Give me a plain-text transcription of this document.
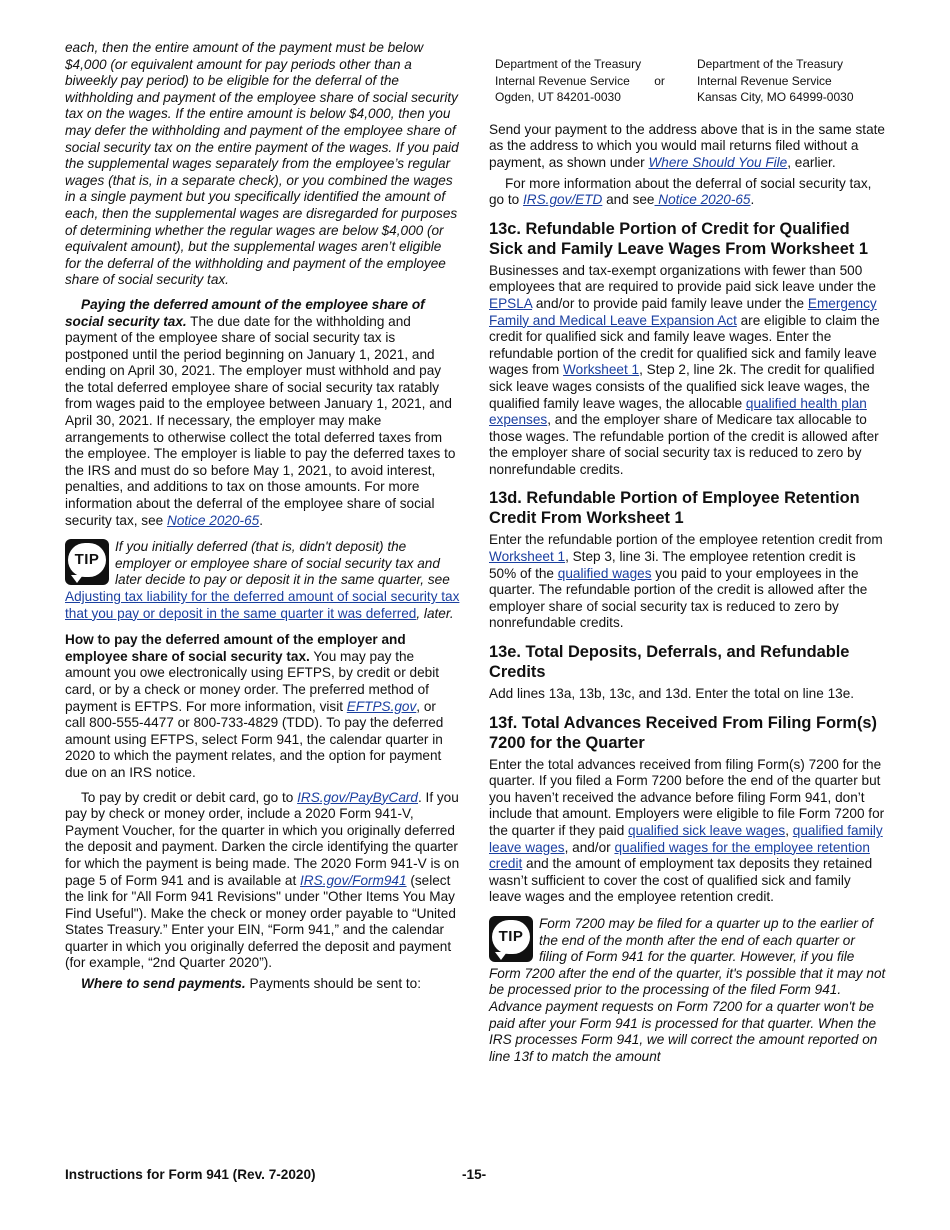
each, then the entire amount of the payment must be below $4,000 (or equivalent amount for pay periods other than a biweekly pay period) to be eligible for the deferral of the withholding and payment of the employee share of social security tax on the wages. If the entire amount is below $4,000, then you may defer the withholding and payment of the employee share of social security tax on the entire payment of the wages. If you paid the supplemental wages separately from the employee’s regular wages (that is, in a separate check), or you combined the wages in a single payment but you specifically identified the amount of each, then the supplemental wages are disregarded for purposes of determining whether the regular wages are below $4,000 (or equivalent amount), but the supplemental wages aren’t eligible for the deferral of the withholding and payment of the employee share of social security tax.

Paying the deferred amount of the employee share of social security tax. The due date for the withholding and payment of the employee share of social security tax is postponed until the period beginning on January 1, 2021, and ending on April 30, 2021. The employer must withhold and pay the total deferred employee share of social security tax ratably from wages paid to the employee between January 1, 2021, and April 30, 2021. If necessary, the employer may make arrangements to otherwise collect the total deferred taxes from the employee. The employer is liable to pay the deferred taxes to the IRS and must do so before May 1, 2021, to avoid interest, penalties, and additions to tax on those amounts. For more information about the deferral of the employee share of social security tax, see Notice 2020-65.

TIP
If you initially deferred (that is, didn't deposit) the employer or employee share of social security tax and later decide to pay or deposit it in the same quarter, see Adjusting tax liability for the deferred amount of social security tax that you pay or deposit in the same quarter it was deferred, later.

How to pay the deferred amount of the employer and employee share of social security tax. You may pay the amount you owe electronically using EFTPS, by credit or debit card, or by a check or money order. The preferred method of payment is EFTPS. For more information, visit EFTPS.gov, or call 800-555-4477 or 800-733-4829 (TDD). To pay the deferred amount using EFTPS, select Form 941, the calendar quarter in 2020 to which the payment relates, and the option for payment due on an IRS notice.

To pay by credit or debit card, go to IRS.gov/PayByCard. If you pay by check or money order, include a 2020 Form 941-V, Payment Voucher, for the quarter in which you originally deferred the deposit and payment. Darken the circle identifying the quarter for which the payment is being made. The 2020 Form 941-V is on page 5 of Form 941 and is available at IRS.gov/Form941 (select the link for "All Form 941 Revisions" under "Other Items You May Find Useful"). Make the check or money order payable to “United States Treasury.” Enter your EIN, “Form 941,” and the calendar quarter in which you originally deferred the deposit and payment (for example, “2nd Quarter 2020”).

Where to send payments. Payments should be sent to:

Department of the Treasury
Internal Revenue Service
Ogden, UT 84201-0030
or
Department of the Treasury
Internal Revenue Service
Kansas City, MO 64999-0030

Send your payment to the address above that is in the same state as the address to which you would mail returns filed without a payment, as shown under Where Should You File, earlier.

For more information about the deferral of social security tax, go to IRS.gov/ETD and see Notice 2020-65.

13c. Refundable Portion of Credit for Qualified Sick and Family Leave Wages From Worksheet 1

Businesses and tax-exempt organizations with fewer than 500 employees that are required to provide paid sick leave under the EPSLA and/or to provide paid family leave under the Emergency Family and Medical Leave Expansion Act are eligible to claim the credit for qualified sick and family leave wages. Enter the refundable portion of the credit for qualified sick and family leave wages from Worksheet 1, Step 2, line 2k. The credit for qualified sick leave wages consists of the qualified sick leave wages, the qualified family leave wages, the allocable qualified health plan expenses, and the employer share of Medicare tax allocable to those wages. The refundable portion of the credit is allowed after the employer share of social security tax is reduced to zero by nonrefundable credits.

13d. Refundable Portion of Employee Retention Credit From Worksheet 1

Enter the refundable portion of the employee retention credit from Worksheet 1, Step 3, line 3i. The employee retention credit is 50% of the qualified wages you paid to your employees in the quarter. The refundable portion of the credit is allowed after the employer share of social security tax is reduced to zero by nonrefundable credits.

13e. Total Deposits, Deferrals, and Refundable Credits

Add lines 13a, 13b, 13c, and 13d. Enter the total on line 13e.

13f. Total Advances Received From Filing Form(s) 7200 for the Quarter

Enter the total advances received from filing Form(s) 7200 for the quarter. If you filed a Form 7200 before the end of the quarter but you haven’t received the advance before filing Form 941, don’t include that amount. Employers were eligible to file Form 7200 for the quarter if they paid qualified sick leave wages, qualified family leave wages, and/or qualified wages for the employee retention credit and the amount of employment tax deposits they retained wasn’t sufficient to cover the cost of qualified sick and family leave wages and the employee retention credit.

TIP
Form 7200 may be filed for a quarter up to the earlier of the end of the month after the end of each quarter or filing of Form 941 for the quarter. However, if you file Form 7200 after the end of the quarter, it's possible that it may not be processed prior to the processing of the filed Form 941. Advance payment requests on Form 7200 for a quarter won't be paid after your Form 941 is processed for that quarter. When the IRS processes Form 941, we will correct the amount reported on line 13f to match the amount
Instructions for Form 941 (Rev. 7-2020)	-15-
